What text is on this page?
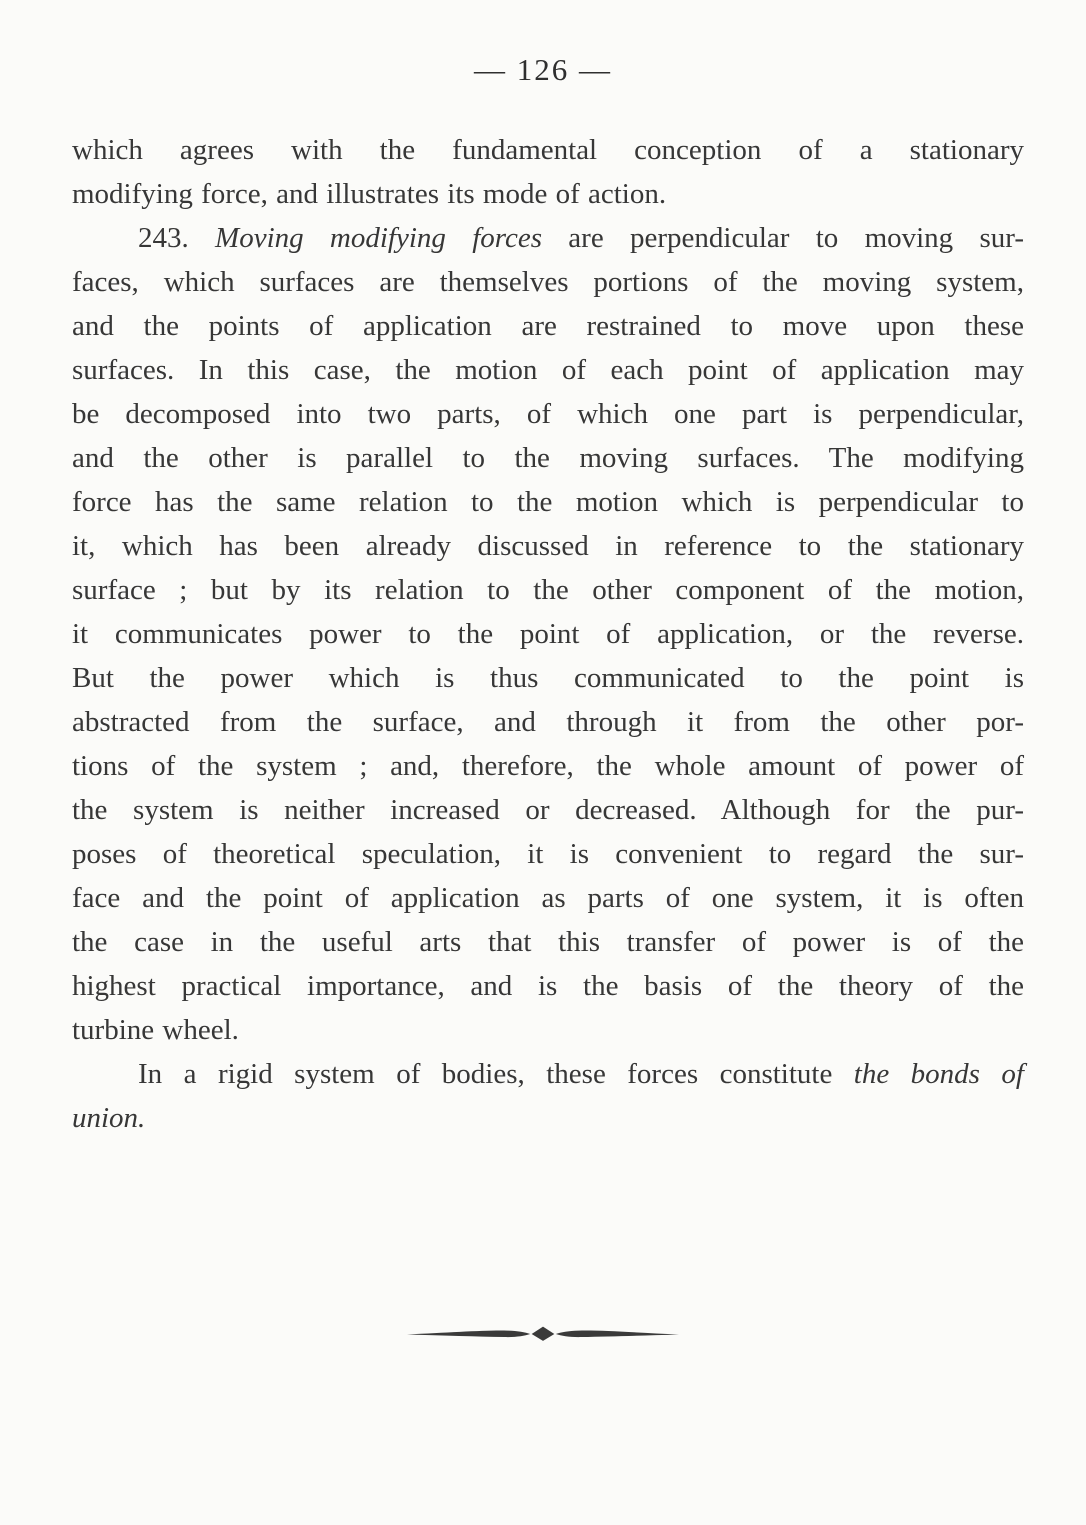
— 126 —
which agrees with the fundamental conception of a stationary
modifying force, and illustrates its mode of action.
243. Moving modifying forces are perpendicular to moving sur-
faces, which surfaces are themselves portions of the moving system,
and the points of application are restrained to move upon these
surfaces. In this case, the motion of each point of application may
be decomposed into two parts, of which one part is perpendicular,
and the other is parallel to the moving surfaces. The modifying
force has the same relation to the motion which is perpendicular to
it, which has been already discussed in reference to the stationary
surface ; but by its relation to the other component of the motion,
it communicates power to the point of application, or the reverse.
But the power which is thus communicated to the point is
abstracted from the surface, and through it from the other por-
tions of the system ; and, therefore, the whole amount of power of
the system is neither increased or decreased. Although for the pur-
poses of theoretical speculation, it is convenient to regard the sur-
face and the point of application as parts of one system, it is often
the case in the useful arts that this transfer of power is of the
highest practical importance, and is the basis of the theory of the
turbine wheel.
In a rigid system of bodies, these forces constitute the bonds of
union.
